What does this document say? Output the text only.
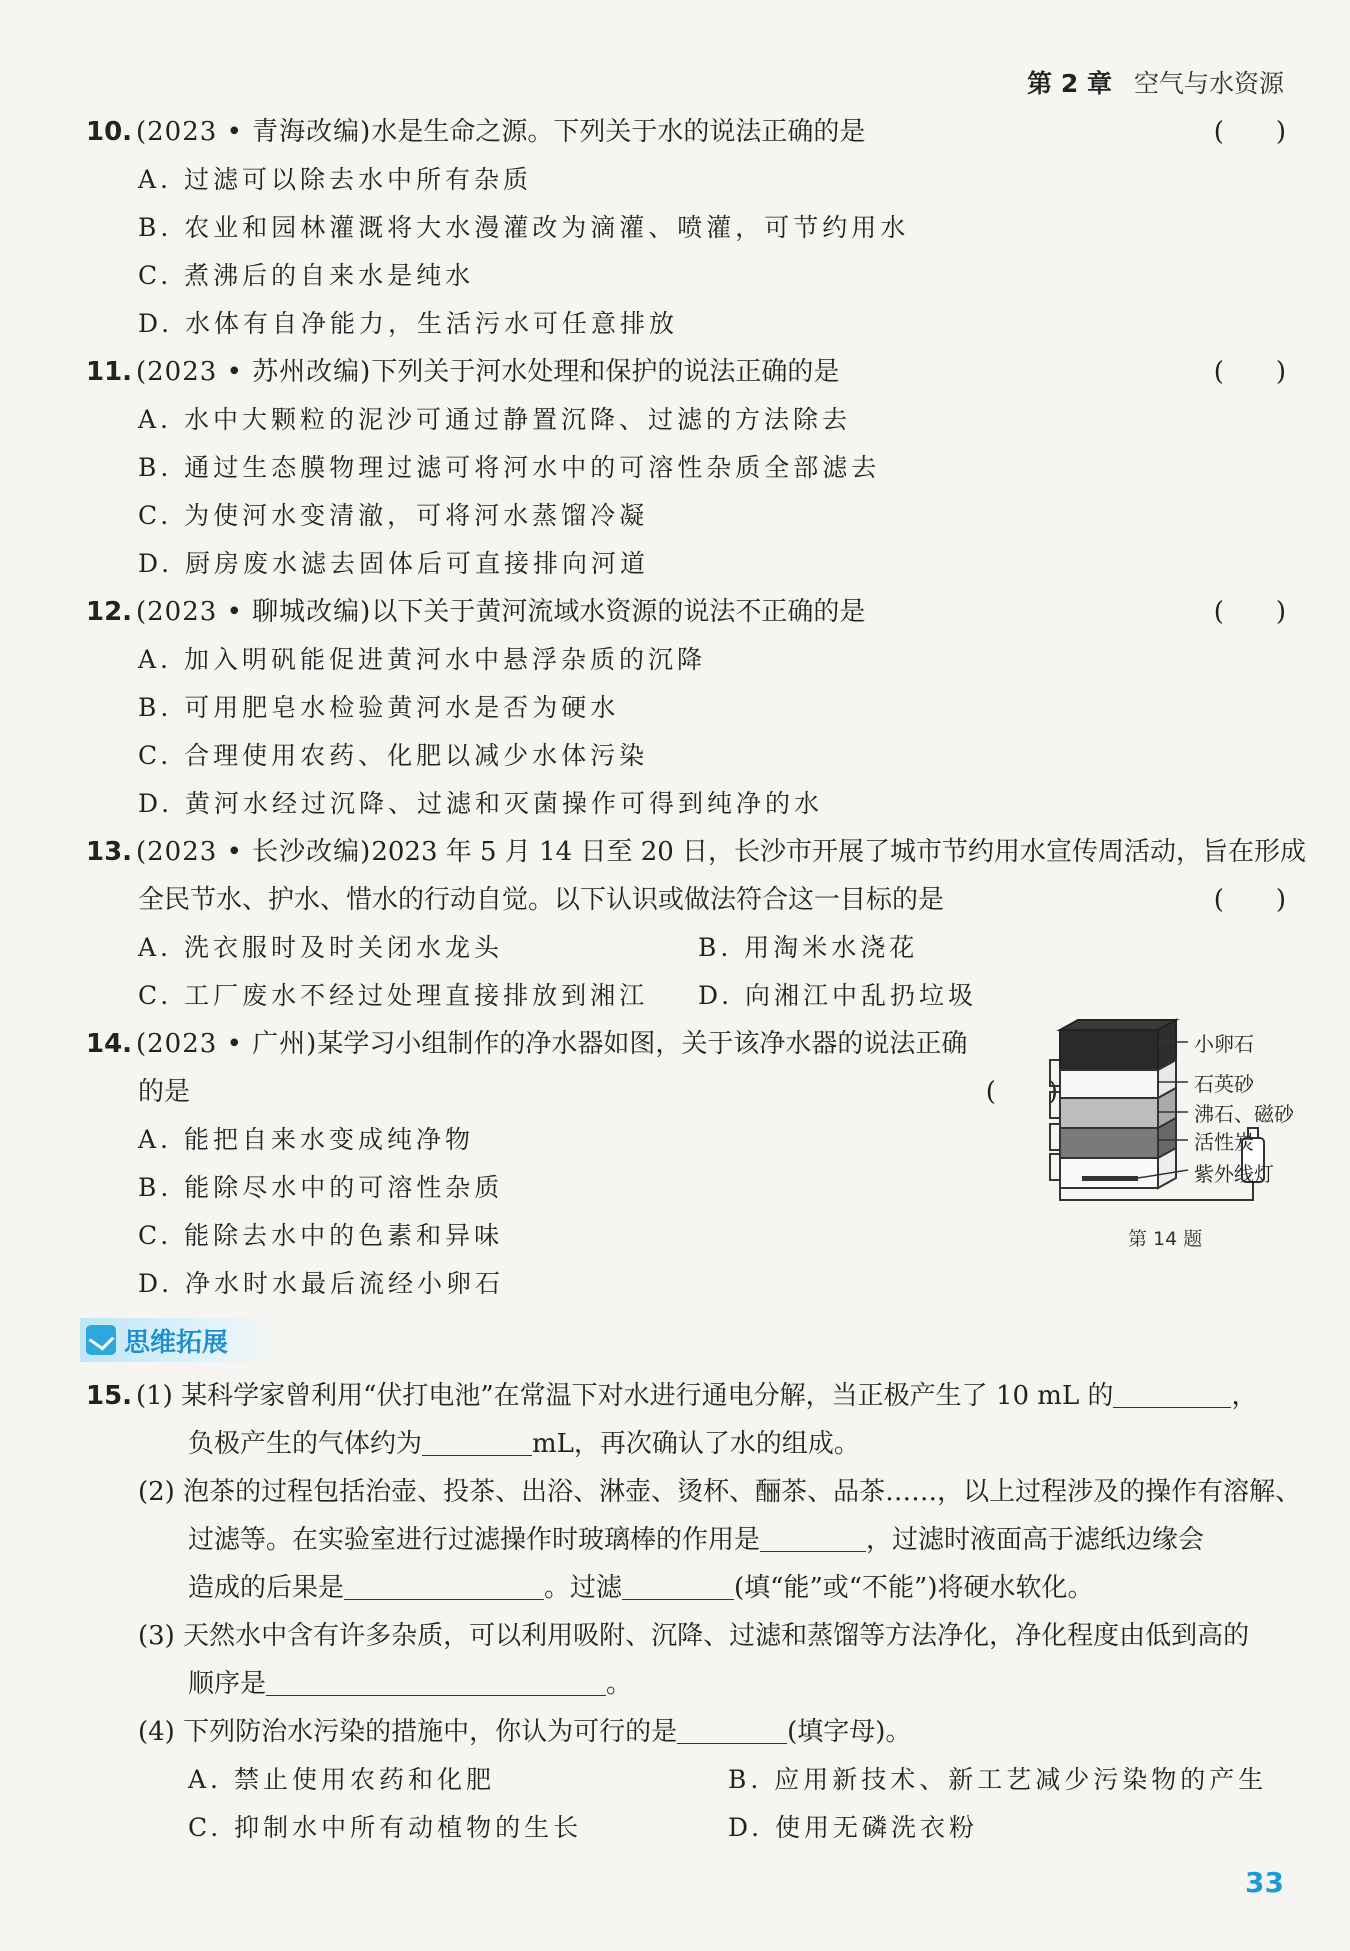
第 2 章 空气与水资源
10. (2023 • 青海改编)水是生命之源。下列关于水的说法正确的是	(　　)
A. 过滤可以除去水中所有杂质
B. 农业和园林灌溉将大水漫灌改为滴灌、喷灌，可节约用水
C. 煮沸后的自来水是纯水
D. 水体有自净能力，生活污水可任意排放
11. (2023 • 苏州改编)下列关于河水处理和保护的说法正确的是	(　　)
A. 水中大颗粒的泥沙可通过静置沉降、过滤的方法除去
B. 通过生态膜物理过滤可将河水中的可溶性杂质全部滤去
C. 为使河水变清澈，可将河水蒸馏冷凝
D. 厨房废水滤去固体后可直接排向河道
12. (2023 • 聊城改编)以下关于黄河流域水资源的说法不正确的是	(　　)
A. 加入明矾能促进黄河水中悬浮杂质的沉降
B. 可用肥皂水检验黄河水是否为硬水
C. 合理使用农药、化肥以减少水体污染
D. 黄河水经过沉降、过滤和灭菌操作可得到纯净的水
13. (2023 • 长沙改编)2023 年 5 月 14 日至 20 日，长沙市开展了城市节约用水宣传周活动，旨在形成
全民节水、护水、惜水的行动自觉。以下认识或做法符合这一目标的是	(　　)
A. 洗衣服时及时关闭水龙头	B. 用淘米水浇花
C. 工厂废水不经过处理直接排放到湘江	D. 向湘江中乱扔垃圾
14. (2023 • 广州)某学习小组制作的净水器如图，关于该净水器的说法正确
的是	(　　)
A. 能把自来水变成纯净物
B. 能除尽水中的可溶性杂质
C. 能除去水中的色素和异味
D. 净水时水最后流经小卵石
小卵石
石英砂
沸石、磁砂
活性炭
紫外线灯
第 14 题
思维拓展
15. (1) 某科学家曾利用“伏打电池”在常温下对水进行通电分解，当正极产生了 10 mL 的	，
负极产生的气体约为	mL，再次确认了水的组成。
(2) 泡茶的过程包括治壶、投茶、出浴、淋壶、烫杯、酾茶、品茶……，以上过程涉及的操作有溶解、
过滤等。在实验室进行过滤操作时玻璃棒的作用是	，过滤时液面高于滤纸边缘会
造成的后果是	。过滤	(填“能”或“不能”)将硬水软化。
(3) 天然水中含有许多杂质，可以利用吸附、沉降、过滤和蒸馏等方法净化，净化程度由低到高的
顺序是	。
(4) 下列防治水污染的措施中，你认为可行的是	(填字母)。
A. 禁止使用农药和化肥	B. 应用新技术、新工艺减少污染物的产生
C. 抑制水中所有动植物的生长	D. 使用无磷洗衣粉
33
